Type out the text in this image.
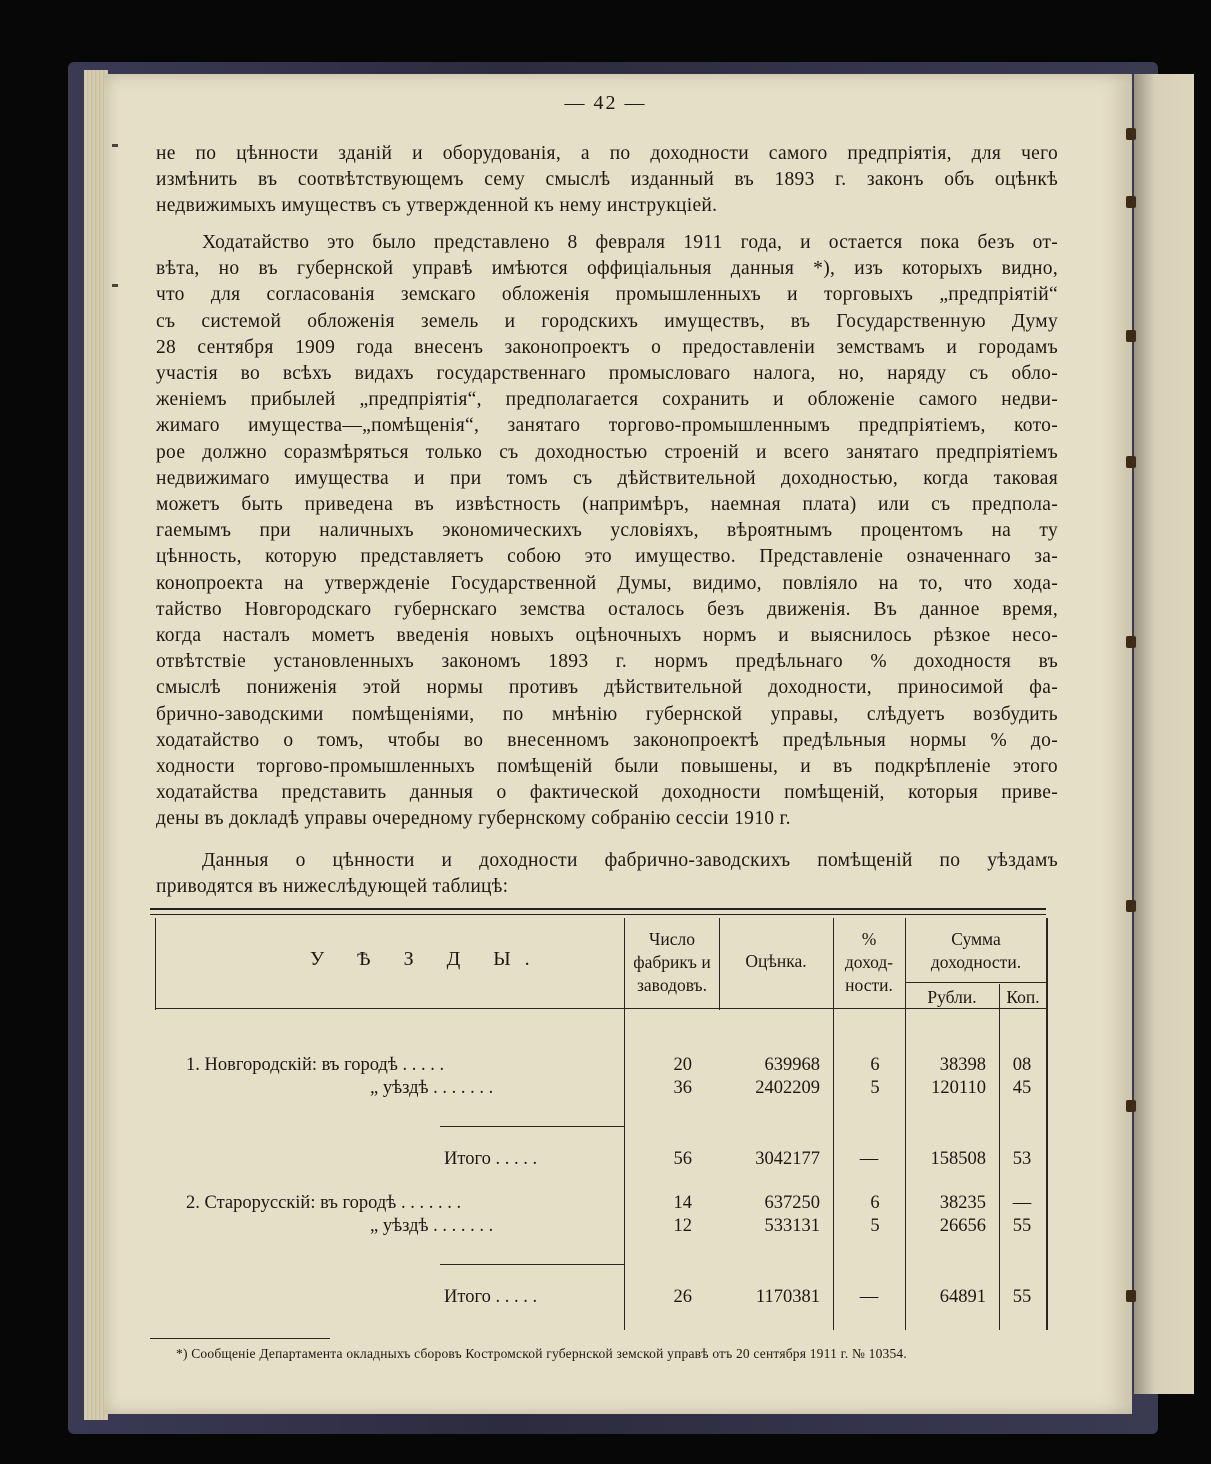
— 42 —
не по цѣнности зданій и оборудованія, а по доходности самого предпріятія, для чего
измѣнить въ соотвѣтствующемъ сему смыслѣ изданный въ 1893 г. законъ объ оцѣнкѣ
недвижимыхъ имуществъ съ утвержденной къ нему инструкціей.
Ходатайство это было представлено 8 февраля 1911 года, и остается пока безъ от-
вѣта, но въ губернской управѣ имѣются оффиціальныя данныя *), изъ которыхъ видно,
что для согласованія земскаго обложенія промышленныхъ и торговыхъ „предпріятій“
съ системой обложенія земель и городскихъ имуществъ, въ Государственную Думу
28 сентября 1909 года внесенъ законопроектъ о предоставленіи земствамъ и городамъ
участія во всѣхъ видахъ государственнаго промысловаго налога, но, наряду съ обло-
женіемъ прибылей „предпріятія“, предполагается сохранить и обложеніе самого недви-
жимаго имущества—„помѣщенія“, занятаго торгово-промышленнымъ предпріятіемъ, кото-
рое должно соразмѣряться только съ доходностью строеній и всего занятаго предпріятіемъ
недвижимаго имущества и при томъ съ дѣйствительной доходностью, когда таковая
можетъ быть приведена въ извѣстность (напримѣръ, наемная плата) или съ предпола-
гаемымъ при наличныхъ экономическихъ условіяхъ, вѣроятнымъ процентомъ на ту
цѣнность, которую представляетъ собою это имущество. Представленіе означеннаго за-
конопроекта на утвержденіе Государственной Думы, видимо, повліяло на то, что хода-
тайство Новгородскаго губернскаго земства осталось безъ движенія. Въ данное время,
когда насталъ мометъ введенія новыхъ оцѣночныхъ нормъ и выяснилось рѣзкое несо-
отвѣтствіе установленныхъ закономъ 1893 г. нормъ предѣльнаго % доходностя въ
смыслѣ пониженія этой нормы противъ дѣйствительной доходности, приносимой фа-
брично-заводскими помѣщеніями, по мнѣнію губернской управы, слѣдуетъ возбудить
ходатайство о томъ, чтобы во внесенномъ законопроектѣ предѣльныя нормы % до-
ходности торгово-промышленныхъ помѣщеній были повышены, и въ подкрѣпленіе этого
ходатайства представить данныя о фактической доходности помѣщеній, которыя приве-
дены въ докладѣ управы очередному губернскому собранію сессіи 1910 г.
Данныя о цѣнности и доходности фабрично-заводскихъ помѣщеній по уѣздамъ
приводятся въ нижеслѣдующей таблицѣ:
У Ѣ З Д Ы.
Число
фабрикъ и
заводовъ.
Оцѣнка.
%
доход-
ности.
Сумма
доходности.
Рубли.	Коп.
1. Новгородскій: въ городѣ . . . . .	20	639968	6	38398	08
„ уѣздѣ . . . . . . .	36	2402209	5	120110	45
Итого . . . . .	56	3042177	—	158508	53
2. Старорусскій: въ городѣ . . . . . . .	14	637250	6	38235	—
„ уѣздѣ . . . . . . .	12	533131	5	26656	55
Итого . . . . .	26	1170381	—	64891	55
*) Сообщеніе Департамента окладныхъ сборовъ Костромской губернской земской управѣ отъ 20 сентября 1911 г. № 10354.
